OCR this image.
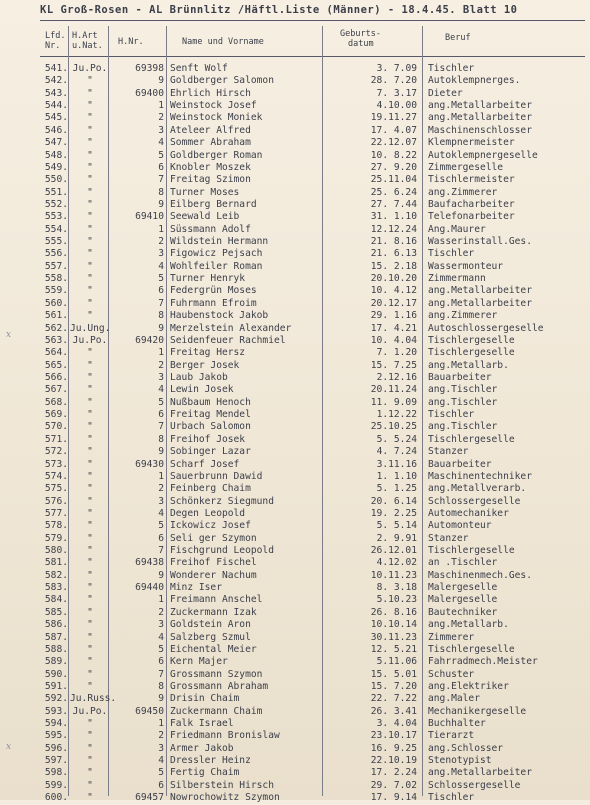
KL Groß-Rosen - AL Brünnlitz /Häftl.Liste (Männer) - 18.4.45. Blatt 10
Lfd.
Nr.
H.Art
u.Nat. H.Nr.	Name und Vorname
Geburts-
datum
Beruf
x
x
541. Ju.Po.	69398 Senft Wolf	3. 7.09 Tischler
542.	"	9 Goldberger Salomon	28. 7.20 Autoklempnerges.
543.	"	69400 Ehrlich Hirsch	7. 3.17 Dieter
544.	"	1 Weinstock Josef	4.10.00 ang.Metallarbeiter
545.	"	2 Weinstock Moniek	19.11.27 ang.Metallarbeiter
546.	"	3 Ateleer Alfred	17. 4.07 Maschinenschlosser
547.	"	4 Sommer Abraham	22.12.07 Klempnermeister
548.	"	5 Goldberger Roman	10. 8.22 Autoklempnergeselle
549.	"	6 Knobler Moszek	27. 9.20 Zimmergeselle
550.	"	7 Freitag Szimon	25.11.04 Tischlermeister
551.	"	8 Turner Moses	25. 6.24 ang.Zimmerer
552.	"	9 Eilberg Bernard	27. 7.44 Baufacharbeiter
553.	"	69410 Seewald Leib	31. 1.10 Telefonarbeiter
554.	"	1 Süssmann Adolf	12.12.24 Ang.Maurer
555.	"	2 Wildstein Hermann	21. 8.16 Wasserinstall.Ges.
556.	"	3 Figowicz Pejsach	21. 6.13 Tischler
557.	"	4 Wohlfeiler Roman	15. 2.18 Wassermonteur
558.	"	5 Turner Henryk	20.10.20 Zimmermann
559.	"	6 Federgrün Moses	10. 4.12 ang.Metallarbeiter
560.	"	7 Fuhrmann Efroim	20.12.17 ang.Metallarbeiter
561.	"	8 Haubenstock Jakob	29. 1.16 ang.Zimmerer
562. Ju.Ung.	9 Merzelstein Alexander	17. 4.21 Autoschlossergeselle
563. Ju.Po.	69420 Seidenfeuer Rachmiel	10. 4.04 Tischlergeselle
564.	"	1 Freitag Hersz	7. 1.20 Tischlergeselle
565.	"	2 Berger Josek	15. 7.25 ang.Metallarb.
566.	"	3 Laub Jakob	2.12.16 Bauarbeiter
567.	"	4 Lewin Josek	20.11.24 ang.Tischler
568.	"	5 Nußbaum Henoch	11. 9.09 ang.Tischler
569.	"	6 Freitag Mendel	1.12.22 Tischler
570.	"	7 Urbach Salomon	25.10.25 ang.Tischler
571.	"	8 Freihof Josek	5. 5.24 Tischlergeselle
572.	"	9 Sobinger Lazar	4. 7.24 Stanzer
573.	"	69430 Scharf Josef	3.11.16 Bauarbeiter
574.	"	1 Sauerbrunn Dawid	1. 1.10 Maschinentechniker
575.	"	2 Feinberg Chaim	5. 1.25 ang.Metallverarb.
576.	"	3 Schönkerz Siegmund	20. 6.14 Schlossergeselle
577.	"	4 Degen Leopold	19. 2.25 Automechaniker
578.	"	5 Ickowicz Josef	5. 5.14 Automonteur
579.	"	6 Seli ger Szymon	2. 9.91 Stanzer
580.	"	7 Fischgrund Leopold	26.12.01 Tischlergeselle
581.	"	69438 Freihof Fischel	4.12.02 an .Tischler
582.	"	9 Wonderer Nachum	10.11.23 Maschinenmech.Ges.
583.	"	69440 Minz Iser	8. 3.18 Malergeselle
584.	"	1 Freimann Anschel	5.10.23 Malergeselle
585.	"	2 Zuckermann Izak	26. 8.16 Bautechniker
586.	"	3 Goldstein Aron	10.10.14 ang.Metallarb.
587.	"	4 Salzberg Szmul	30.11.23 Zimmerer
588.	"	5 Eichental Meier	12. 5.21 Tischlergeselle
589.	"	6 Kern Majer	5.11.06 Fahrradmech.Meister
590.	"	7 Grossmann Szymon	15. 5.01 Schuster
591.	"	8 Grossmann Abraham	15. 7.20 ang.Elektriker
592. Ju.Russ.	9 Drisin Chaim	22. 7.22 ang.Maler
593. Ju.Po.	69450 Zuckermann Chaim	26. 3.41 Mechanikergeselle
594.	"	1 Falk Israel	3. 4.04 Buchhalter
595.	"	2 Friedmann Bronislaw	23.10.17 Tierarzt
596.	"	3 Armer Jakob	16. 9.25 ang.Schlosser
597.	"	4 Dressler Heinz	22.10.19 Stenotypist
598.	"	5 Fertig Chaim	17. 2.24 ang.Metallarbeiter
599.	"	6 Silberstein Hirsch	29. 7.02 Schlossergeselle
600.	"	69457 Nowrochowitz Szymon	17. 9.14 Tischler
